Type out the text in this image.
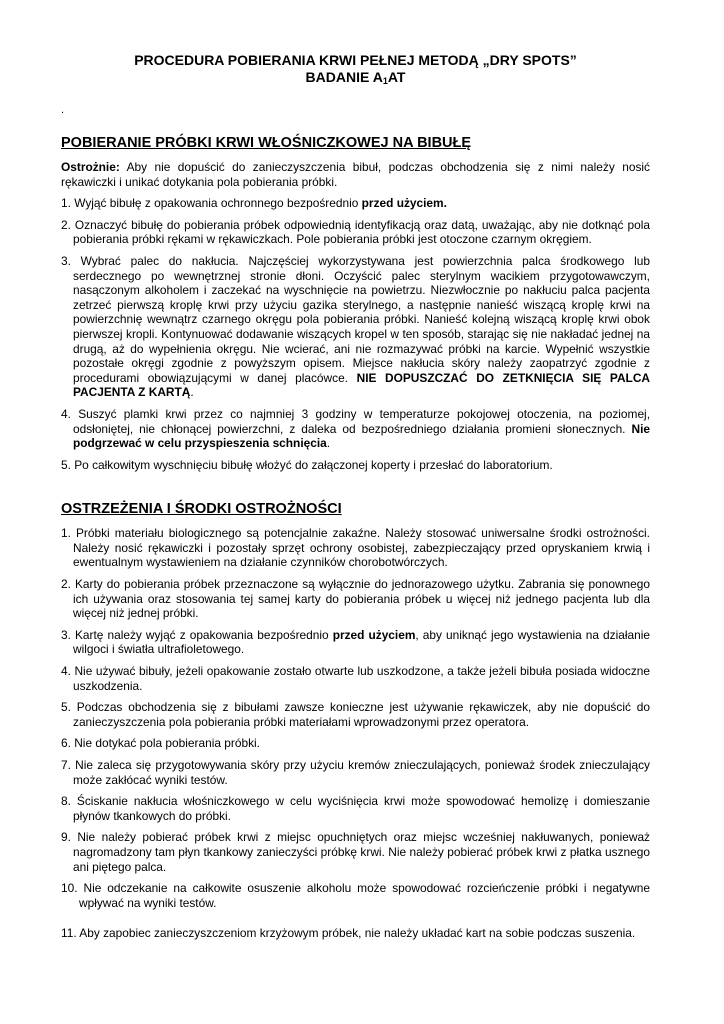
PROCEDURA POBIERANIA KRWI PEŁNEJ METODĄ „DRY SPOTS”
BADANIE $A_1AT$
.
POBIERANIE PRÓBKI KRWI WŁOŚNICZKOWEJ NA BIBUŁĘ

Ostrożnie: Aby nie dopuścić do zanieczyszczenia bibuł, podczas obchodzenia się z nimi należy nosić rękawiczki i unikać dotykania pola pobierania próbki.

1. Wyjąć bibułę z opakowania ochronnego bezpośrednio przed użyciem.
2. Oznaczyć bibułę do pobierania próbek odpowiednią identyfikacją oraz datą, uważając, aby nie dotknąć pola pobierania próbki rękami w rękawiczkach. Pole pobierania próbki jest otoczone czarnym okręgiem.
3. Wybrać palec do nakłucia. Najczęściej wykorzystywana jest powierzchnia palca środkowego lub serdecznego po wewnętrznej stronie dłoni. Oczyścić palec sterylnym wacikiem przygotowawczym, nasączonym alkoholem i zaczekać na wyschnięcie na powietrzu. Niezwłocznie po nakłuciu palca pacjenta zetrzeć pierwszą kroplę krwi przy użyciu gazika sterylnego, a następnie nanieść wiszącą kroplę krwi na powierzchnię wewnątrz czarnego okręgu pola pobierania próbki. Nanieść kolejną wiszącą kroplę krwi obok pierwszej kropli. Kontynuować dodawanie wiszących kropel w ten sposób, starając się nie nakładać jednej na drugą, aż do wypełnienia okręgu. Nie wcierać, ani nie rozmazywać próbki na karcie. Wypełnić wszystkie pozostałe okręgi zgodnie z powyższym opisem. Miejsce nakłucia skóry należy zaopatrzyć zgodnie z procedurami obowiązującymi w danej placówce. NIE DOPUSZCZAĆ DO ZETKNIĘCIA SIĘ PALCA PACJENTA Z KARTĄ.
4. Suszyć plamki krwi przez co najmniej 3 godziny w temperaturze pokojowej otoczenia, na poziomej, odsłoniętej, nie chłonącej powierzchni, z daleka od bezpośredniego działania promieni słonecznych. Nie podgrzewać w celu przyspieszenia schnięcia.
5. Po całkowitym wyschnięciu bibułę włożyć do załączonej koperty i przesłać do laboratorium.
OSTRZEŻENIA I ŚRODKI OSTROŻNOŚCI
1. Próbki materiału biologicznego są potencjalnie zakaźne. Należy stosować uniwersalne środki ostrożności. Należy nosić rękawiczki i pozostały sprzęt ochrony osobistej, zabezpieczający przed opryskaniem krwią i ewentualnym wystawieniem na działanie czynników chorobotwórczych.
2. Karty do pobierania próbek przeznaczone są wyłącznie do jednorazowego użytku. Zabrania się ponownego ich używania oraz stosowania tej samej karty do pobierania próbek u więcej niż jednego pacjenta lub dla więcej niż jednej próbki.
3. Kartę należy wyjąć z opakowania bezpośrednio przed użyciem, aby uniknąć jego wystawienia na działanie wilgoci i światła ultrafioletowego.
4. Nie używać bibuły, jeżeli opakowanie zostało otwarte lub uszkodzone, a także jeżeli bibuła posiada widoczne uszkodzenia.
5. Podczas obchodzenia się z bibułami zawsze konieczne jest używanie rękawiczek, aby nie dopuścić do zanieczyszczenia pola pobierania próbki materiałami wprowadzonymi przez operatora.
6. Nie dotykać pola pobierania próbki.
7. Nie zaleca się przygotowywania skóry przy użyciu kremów znieczulających, ponieważ środek znieczulający może zakłócać wyniki testów.
8. Ściskanie nakłucia włośniczkowego w celu wyciśnięcia krwi może spowodować hemolizę i domieszanie płynów tkankowych do próbki.
9. Nie należy pobierać próbek krwi z miejsc opuchniętych oraz miejsc wcześniej nakłuwanych, ponieważ nagromadzony tam płyn tkankowy zanieczyści próbkę krwi. Nie należy pobierać próbek krwi z płatka usznego ani piętego palca.
10. Nie odczekanie na całkowite osuszenie alkoholu może spowodować rozcieńczenie próbki i negatywne wpływać na wyniki testów.
11. Aby zapobiec zanieczyszczeniom krzyżowym próbek, nie należy układać kart na sobie podczas suszenia.
